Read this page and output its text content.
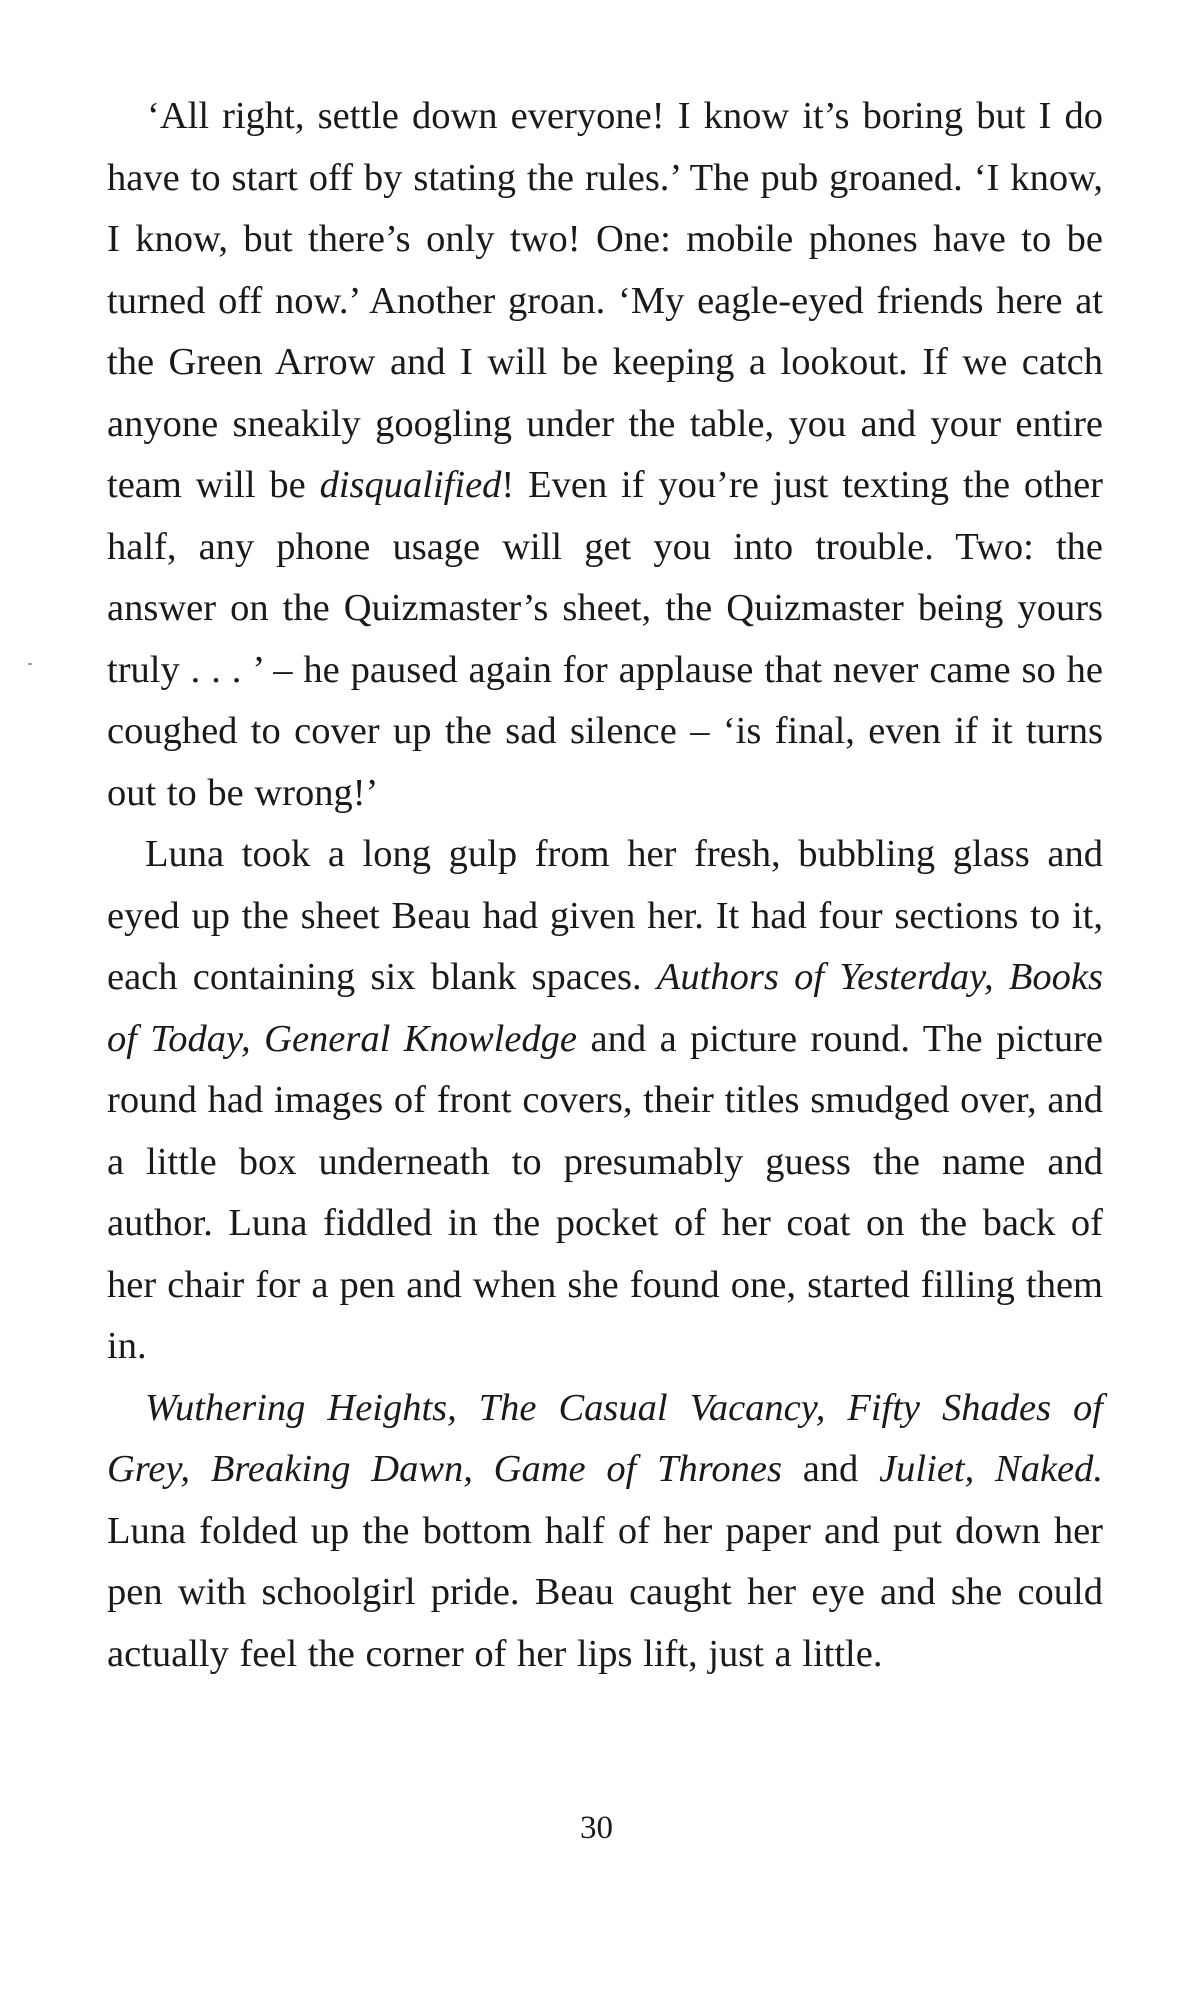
‘All right, settle down everyone! I know it’s boring but I do have to start off by stating the rules.’ The pub groaned. ‘I know, I know, but there’s only two! One: mobile phones have to be turned off now.’ Another groan. ‘My eagle-eyed friends here at the Green Arrow and I will be keeping a lookout. If we catch anyone sneakily googling under the table, you and your entire team will be disqualified! Even if you’re just texting the other half, any phone usage will get you into trouble. Two: the answer on the Quizmaster’s sheet, the Quizmaster being yours truly . . . ’ – he paused again for applause that never came so he coughed to cover up the sad silence – ‘is final, even if it turns out to be wrong!’

Luna took a long gulp from her fresh, bubbling glass and eyed up the sheet Beau had given her. It had four sections to it, each containing six blank spaces. Authors of Yesterday, Books of Today, General Knowledge and a picture round. The picture round had images of front covers, their titles smudged over, and a little box underneath to presumably guess the name and author. Luna fiddled in the pocket of her coat on the back of her chair for a pen and when she found one, started filling them in.

Wuthering Heights, The Casual Vacancy, Fifty Shades of Grey, Breaking Dawn, Game of Thrones and Juliet, Naked. Luna folded up the bottom half of her paper and put down her pen with schoolgirl pride. Beau caught her eye and she could actually feel the corner of her lips lift, just a little.

30
